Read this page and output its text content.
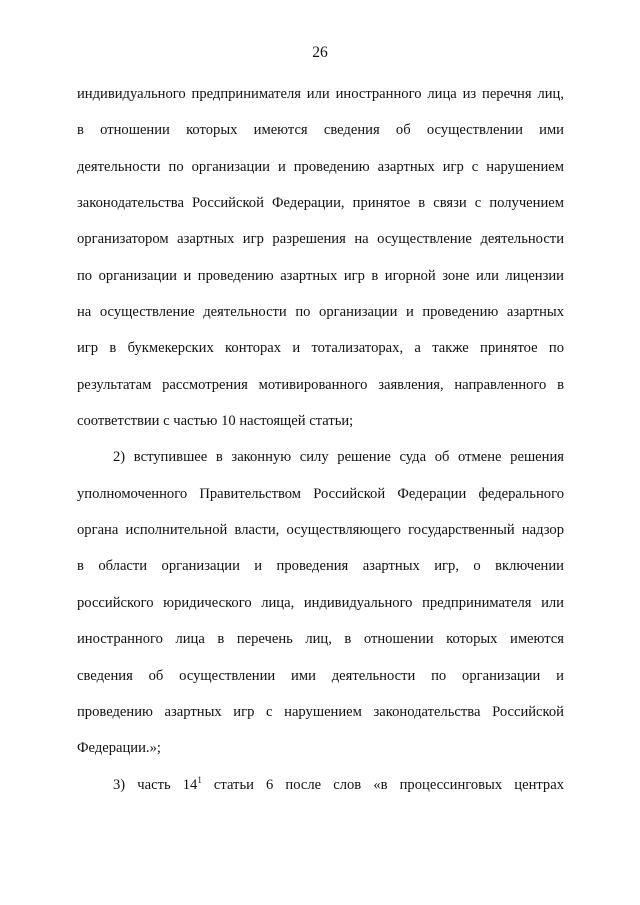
26
индивидуального предпринимателя или иностранного лица из перечня лиц,
в отношении которых имеются сведения об осуществлении ими
деятельности по организации и проведению азартных игр с нарушением
законодательства Российской Федерации, принятое в связи с получением
организатором азартных игр разрешения на осуществление деятельности
по организации и проведению азартных игр в игорной зоне или лицензии
на осуществление деятельности по организации и проведению азартных
игр в букмекерских конторах и тотализаторах, а также принятое по
результатам рассмотрения мотивированного заявления, направленного в
соответствии с частью 10 настоящей статьи;
2) вступившее в законную силу решение суда об отмене решения
уполномоченного Правительством Российской Федерации федерального
органа исполнительной власти, осуществляющего государственный надзор
в области организации и проведения азартных игр, о включении
российского юридического лица, индивидуального предпринимателя или
иностранного лица в перечень лиц, в отношении которых имеются
сведения об осуществлении ими деятельности по организации и
проведению азартных игр с нарушением законодательства Российской
Федерации.»;
3) часть $14^1$ статьи 6 после слов «в процессинговых центрах
